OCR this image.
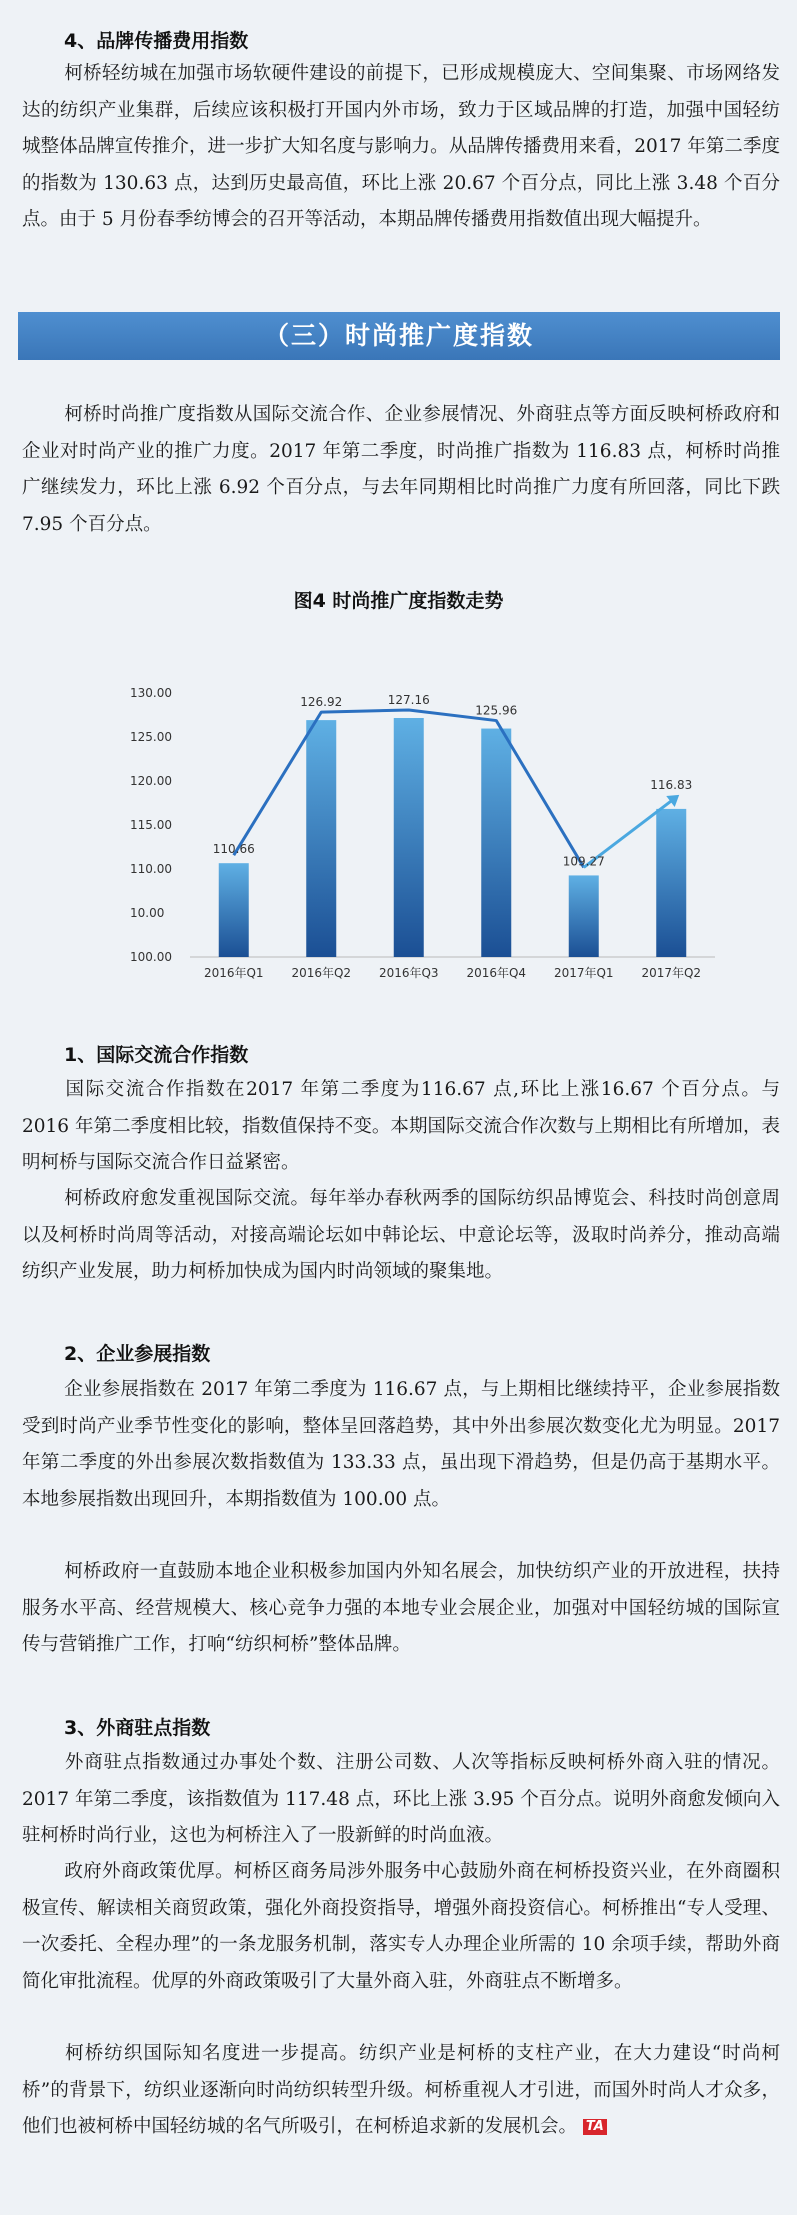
4、品牌传播费用指数

柯桥轻纺城在加强市场软硬件建设的前提下，已形成规模庞大、空间集聚、市场网络发达的纺织产业集群，后续应该积极打开国内外市场，致力于区域品牌的打造，加强中国轻纺城整体品牌宣传推介，进一步扩大知名度与影响力。从品牌传播费用来看，2017 年第二季度的指数为 130.63 点，达到历史最高值，环比上涨 20.67 个百分点，同比上涨 3.48 个百分点。由于 5 月份春季纺博会的召开等活动，本期品牌传播费用指数值出现大幅提升。

（三）时尚推广度指数

柯桥时尚推广度指数从国际交流合作、企业参展情况、外商驻点等方面反映柯桥政府和企业对时尚产业的推广力度。2017 年第二季度，时尚推广指数为 116.83 点，柯桥时尚推广继续发力，环比上涨 6.92 个百分点，与去年同期相比时尚推广力度有所回落，同比下跌 7.95 个百分点。

图4 时尚推广度指数走势
130.00
125.00
120.00
115.00
110.00
10.00
100.00
2016年Q1 2016年Q2 2016年Q3 2016年Q4 2017年Q1 2017年Q2
110.66
126.92	127.16
125.96
109.27
116.83
1、国际交流合作指数

国际交流合作指数在2017 年第二季度为116.67 点,环比上涨16.67 个百分点。与 2016 年第二季度相比较，指数值保持不变。本期国际交流合作次数与上期相比有所增加，表明柯桥与国际交流合作日益紧密。

柯桥政府愈发重视国际交流。每年举办春秋两季的国际纺织品博览会、科技时尚创意周以及柯桥时尚周等活动，对接高端论坛如中韩论坛、中意论坛等，汲取时尚养分，推动高端纺织产业发展，助力柯桥加快成为国内时尚领域的聚集地。

2、企业参展指数

企业参展指数在 2017 年第二季度为 116.67 点，与上期相比继续持平，企业参展指数受到时尚产业季节性变化的影响，整体呈回落趋势，其中外出参展次数变化尤为明显。2017 年第二季度的外出参展次数指数值为 133.33 点，虽出现下滑趋势，但是仍高于基期水平。本地参展指数出现回升，本期指数值为 100.00 点。

柯桥政府一直鼓励本地企业积极参加国内外知名展会，加快纺织产业的开放进程，扶持服务水平高、经营规模大、核心竞争力强的本地专业会展企业，加强对中国轻纺城的国际宣传与营销推广工作，打响“纺织柯桥”整体品牌。

3、外商驻点指数

外商驻点指数通过办事处个数、注册公司数、人次等指标反映柯桥外商入驻的情况。2017 年第二季度，该指数值为 117.48 点，环比上涨 3.95 个百分点。说明外商愈发倾向入驻柯桥时尚行业，这也为柯桥注入了一股新鲜的时尚血液。

政府外商政策优厚。柯桥区商务局涉外服务中心鼓励外商在柯桥投资兴业，在外商圈积极宣传、解读相关商贸政策，强化外商投资指导，增强外商投资信心。柯桥推出“专人受理、一次委托、全程办理”的一条龙服务机制，落实专人办理企业所需的 10 余项手续，帮助外商简化审批流程。优厚的外商政策吸引了大量外商入驻，外商驻点不断增多。

柯桥纺织国际知名度进一步提高。纺织产业是柯桥的支柱产业，在大力建设“时尚柯桥”的背景下，纺织业逐渐向时尚纺织转型升级。柯桥重视人才引进，而国外时尚人才众多，他们也被柯桥中国轻纺城的名气所吸引，在柯桥追求新的发展机会。 TA
